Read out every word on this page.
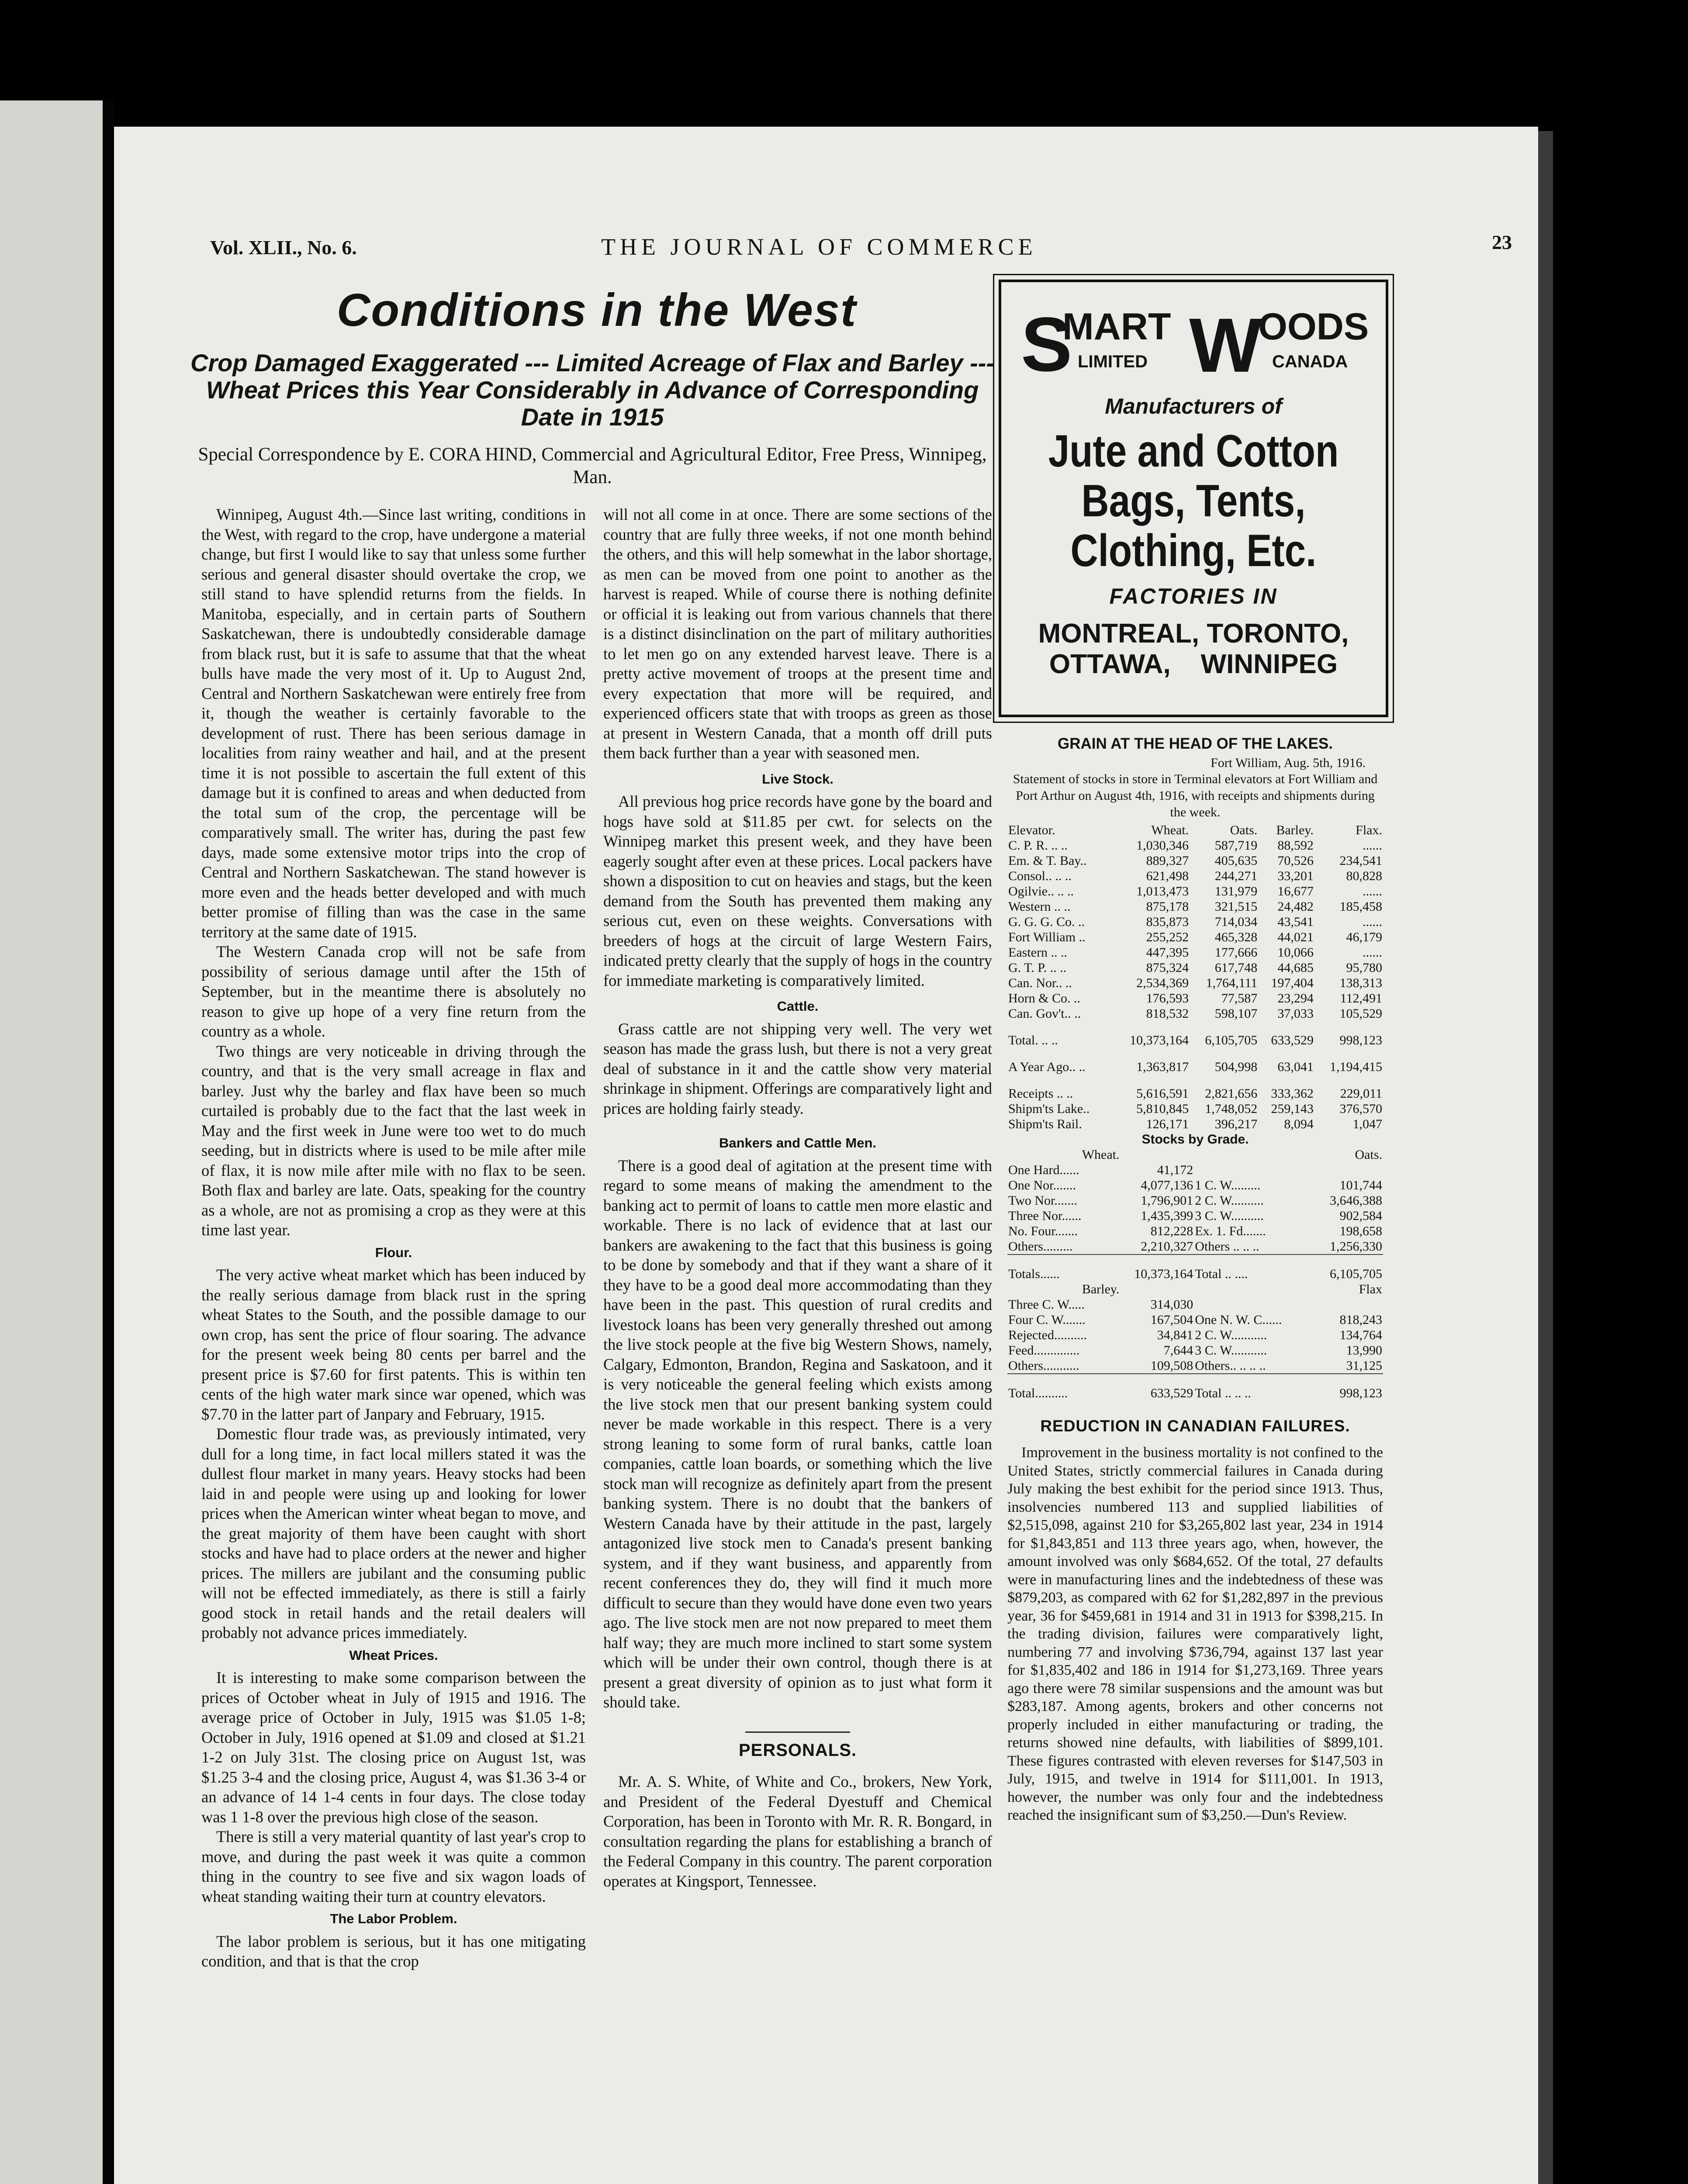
Vol. XLII., No. 6.	THE JOURNAL OF COMMERCE	23
Conditions in the West
Crop Damaged Exaggerated --- Limited Acreage of Flax and Barley --- Wheat Prices this Year Considerably in Advance of Corresponding Date in 1915
Special Correspondence by E. CORA HIND, Commercial and Agricultural Editor, Free Press, Winnipeg, Man.

Winnipeg, August 4th.—Since last writing, conditions in the West, with regard to the crop, have undergone a material change, but first I would like to say that unless some further serious and general disaster should overtake the crop, we still stand to have splendid returns from the fields. In Manitoba, especially, and in certain parts of Southern Saskatchewan, there is undoubtedly considerable damage from black rust, but it is safe to assume that that the wheat bulls have made the very most of it. Up to August 2nd, Central and Northern Saskatchewan were entirely free from it, though the weather is certainly favorable to the development of rust. There has been serious damage in localities from rainy weather and hail, and at the present time it is not possible to ascertain the full extent of this damage but it is confined to areas and when deducted from the total sum of the crop, the percentage will be comparatively small. The writer has, during the past few days, made some extensive motor trips into the crop of Central and Northern Saskatchewan. The stand however is more even and the heads better developed and with much better promise of filling than was the case in the same territory at the same date of 1915.

The Western Canada crop will not be safe from possibility of serious damage until after the 15th of September, but in the meantime there is absolutely no reason to give up hope of a very fine return from the country as a whole.

Two things are very noticeable in driving through the country, and that is the very small acreage in flax and barley. Just why the barley and flax have been so much curtailed is probably due to the fact that the last week in May and the first week in June were too wet to do much seeding, but in districts where is used to be mile after mile of flax, it is now mile after mile with no flax to be seen. Both flax and barley are late. Oats, speaking for the country as a whole, are not as promising a crop as they were at this time last year.

Flour.

The very active wheat market which has been induced by the really serious damage from black rust in the spring wheat States to the South, and the possible damage to our own crop, has sent the price of flour soaring. The advance for the present week being 80 cents per barrel and the present price is $7.60 for first patents. This is within ten cents of the high water mark since war opened, which was $7.70 in the latter part of Janpary and February, 1915.

Domestic flour trade was, as previously intimated, very dull for a long time, in fact local millers stated it was the dullest flour market in many years. Heavy stocks had been laid in and people were using up and looking for lower prices when the American winter wheat began to move, and the great majority of them have been caught with short stocks and have had to place orders at the newer and higher prices. The millers are jubilant and the consuming public will not be effected immediately, as there is still a fairly good stock in retail hands and the retail dealers will probably not advance prices immediately.

Wheat Prices.

It is interesting to make some comparison between the prices of October wheat in July of 1915 and 1916. The average price of October in July, 1915 was $1.05 1-8; October in July, 1916 opened at $1.09 and closed at $1.21 1-2 on July 31st. The closing price on August 1st, was $1.25 3-4 and the closing price, August 4, was $1.36 3-4 or an advance of 14 1-4 cents in four days. The close today was 1 1-8 over the previous high close of the season.

There is still a very material quantity of last year's crop to move, and during the past week it was quite a common thing in the country to see five and six wagon loads of wheat standing waiting their turn at country elevators.

The Labor Problem.

The labor problem is serious, but it has one mitigating condition, and that is that the crop

will not all come in at once. There are some sections of the country that are fully three weeks, if not one month behind the others, and this will help somewhat in the labor shortage, as men can be moved from one point to another as the harvest is reaped. While of course there is nothing definite or official it is leaking out from various channels that there is a distinct disinclination on the part of military authorities to let men go on any extended harvest leave. There is a pretty active movement of troops at the present time and every expectation that more will be required, and experienced officers state that with troops as green as those at present in Western Canada, that a month off drill puts them back further than a year with seasoned men.

Live Stock.

All previous hog price records have gone by the board and hogs have sold at $11.85 per cwt. for selects on the Winnipeg market this present week, and they have been eagerly sought after even at these prices. Local packers have shown a disposition to cut on heavies and stags, but the keen demand from the South has prevented them making any serious cut, even on these weights. Conversations with breeders of hogs at the circuit of large Western Fairs, indicated pretty clearly that the supply of hogs in the country for immediate marketing is comparatively limited.

Cattle.

Grass cattle are not shipping very well. The very wet season has made the grass lush, but there is not a very great deal of substance in it and the cattle show very material shrinkage in shipment. Offerings are comparatively light and prices are holding fairly steady.

Bankers and Cattle Men.

There is a good deal of agitation at the present time with regard to some means of making the amendment to the banking act to permit of loans to cattle men more elastic and workable. There is no lack of evidence that at last our bankers are awakening to the fact that this business is going to be done by somebody and that if they want a share of it they have to be a good deal more accommodating than they have been in the past. This question of rural credits and livestock loans has been very generally threshed out among the live stock people at the five big Western Shows, namely, Calgary, Edmonton, Brandon, Regina and Saskatoon, and it is very noticeable the general feeling which exists among the live stock men that our present banking system could never be made workable in this respect. There is a very strong leaning to some form of rural banks, cattle loan companies, cattle loan boards, or something which the live stock man will recognize as definitely apart from the present banking system. There is no doubt that the bankers of Western Canada have by their attitude in the past, largely antagonized live stock men to Canada's present banking system, and if they want business, and apparently from recent conferences they do, they will find it much more difficult to secure than they would have done even two years ago. The live stock men are not now prepared to meet them half way; they are much more inclined to start some system which will be under their own control, though there is at present a great diversity of opinion as to just what form it should take.

PERSONALS.

Mr. A. S. White, of White and Co., brokers, New York, and President of the Federal Dyestuff and Chemical Corporation, has been in Toronto with Mr. R. R. Bongard, in consultation regarding the plans for establishing a branch of the Federal Company in this country. The parent corporation operates at Kingsport, Tennessee.

S
MART
LIMITED W
OODS
CANADA
Manufacturers of
Jute and Cotton
Bags, Tents,
Clothing, Etc.
FACTORIES IN
MONTREAL, TORONTO,
OTTAWA,    WINNIPEG
GRAIN AT THE HEAD OF THE LAKES.
Fort William, Aug. 5th, 1916.
Statement of stocks in store in Terminal elevators at Fort William and Port Arthur on August 4th, 1916, with receipts and shipments during the week.
Elevator.	Wheat.	Oats.	Barley.	Flax.
C. P. R. .. ..	1,030,346	587,719	88,592	......
Em. & T. Bay..	889,327	405,635	70,526	234,541
Consol.. .. ..	621,498	244,271	33,201	80,828
Ogilvie.. .. ..	1,013,473	131,979	16,677	......
Western .. ..	875,178	321,515	24,482	185,458
G. G. G. Co. ..	835,873	714,034	43,541	......
Fort William ..	255,252	465,328	44,021	46,179
Eastern .. ..	447,395	177,666	10,066	......
G. T. P. .. ..	875,324	617,748	44,685	95,780
Can. Nor.. ..	2,534,369	1,764,111	197,404	138,313
Horn & Co. ..	176,593	77,587	23,294	112,491
Can. Gov't.. ..	818,532	598,107	37,033	105,529
Total. .. ..	10,373,164	6,105,705	633,529	998,123
A Year Ago.. ..	1,363,817	504,998	63,041	1,194,415
Receipts .. ..	5,616,591	2,821,656	333,362	229,011
Shipm'ts Lake..	5,810,845	1,748,052	259,143	376,570
Shipm'ts Rail.	126,171	396,217	8,094	1,047
Stocks by Grade.			
Wheat.		Oats.	
One Hard......	41,172		
One Nor.......	4,077,136	1 C. W.........	101,744
Two Nor.......	1,796,901	2 C. W..........	3,646,388
Three Nor......	1,435,399	3 C. W..........	902,584
No. Four.......	812,228	Ex. 1. Fd.......	198,658
Others.........	2,210,327	Others .. .. ..	1,256,330
Totals......	10,373,164	Total .. ....	6,105,705
Barley.		Flax	
Three C. W.....	314,030		
Four C. W.......	167,504	One N. W. C......	818,243
Rejected..........	34,841	2 C. W...........	134,764
Feed..............	7,644	3 C. W...........	13,990
Others...........	109,508	Others.. .. .. ..	31,125
Total..........	633,529	Total .. .. ..	998,123
REDUCTION IN CANADIAN FAILURES.

Improvement in the business mortality is not confined to the United States, strictly commercial failures in Canada during July making the best exhibit for the period since 1913. Thus, insolvencies numbered 113 and supplied liabilities of $2,515,098, against 210 for $3,265,802 last year, 234 in 1914 for $1,843,851 and 113 three years ago, when, however, the amount involved was only $684,652. Of the total, 27 defaults were in manufacturing lines and the indebtedness of these was $879,203, as compared with 62 for $1,282,897 in the previous year, 36 for $459,681 in 1914 and 31 in 1913 for $398,215. In the trading division, failures were comparatively light, numbering 77 and involving $736,794, against 137 last year for $1,835,402 and 186 in 1914 for $1,273,169. Three years ago there were 78 similar suspensions and the amount was but $283,187. Among agents, brokers and other concerns not properly included in either manufacturing or trading, the returns showed nine defaults, with liabilities of $899,101. These figures contrasted with eleven reverses for $147,503 in July, 1915, and twelve in 1914 for $111,001. In 1913, however, the number was only four and the indebtedness reached the insignificant sum of $3,250.—Dun's Review.
